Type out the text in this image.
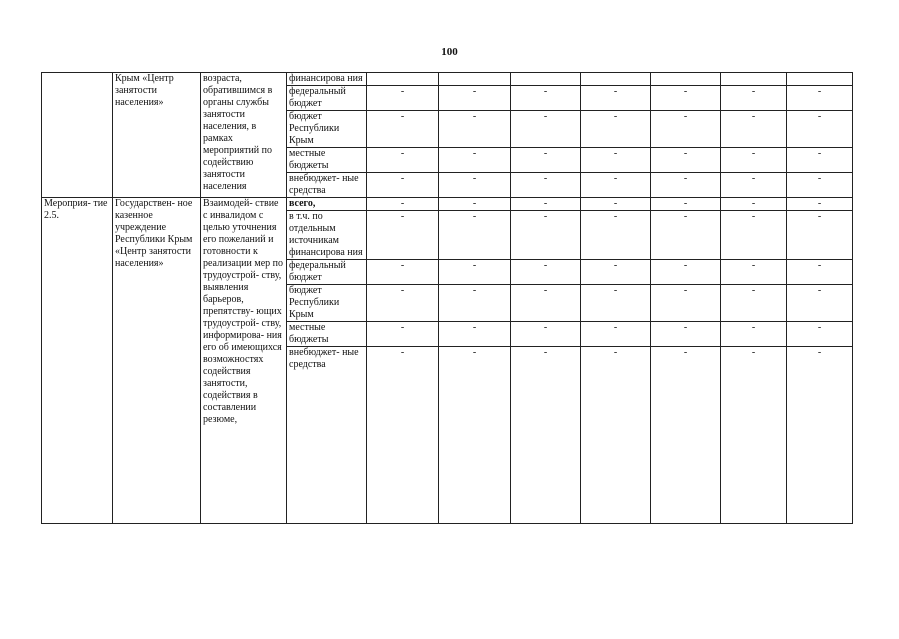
100
	Крым «Центр занятости населения»	возраста, обратившимся в органы службы занятости населения, в рамках мероприятий по содействию занятости населения	финансирова ния							
			федеральный бюджет	-	-	-	-	-	-	-
			бюджет Республики Крым	-	-	-	-	-	-	-
			местные бюджеты	-	-	-	-	-	-	-
			внебюджет- ные средства	-	-	-	-	-	-	-
Мероприя- тие 2.5.	Государствен- ное казенное учреждение Республики Крым «Центр занятости населения»	Взаимодей- ствие с инвалидом с целью уточнения его пожеланий и готовности к реализации мер по трудоустрой- ству, выявления барьеров, препятству- ющих трудоустрой- ству, информирова- ния его об имеющихся возможностях содействия занятости, содействия в составлении резюме,	всего,	-	-	-	-	-	-	-
			в т.ч. по отдельным источникам финансирова ния	-	-	-	-	-	-	-
			федеральный бюджет	-	-	-	-	-	-	-
			бюджет Республики Крым	-	-	-	-	-	-	-
			местные бюджеты	-	-	-	-	-	-	-
			внебюджет- ные средства	-	-	-	-	-	-	-
